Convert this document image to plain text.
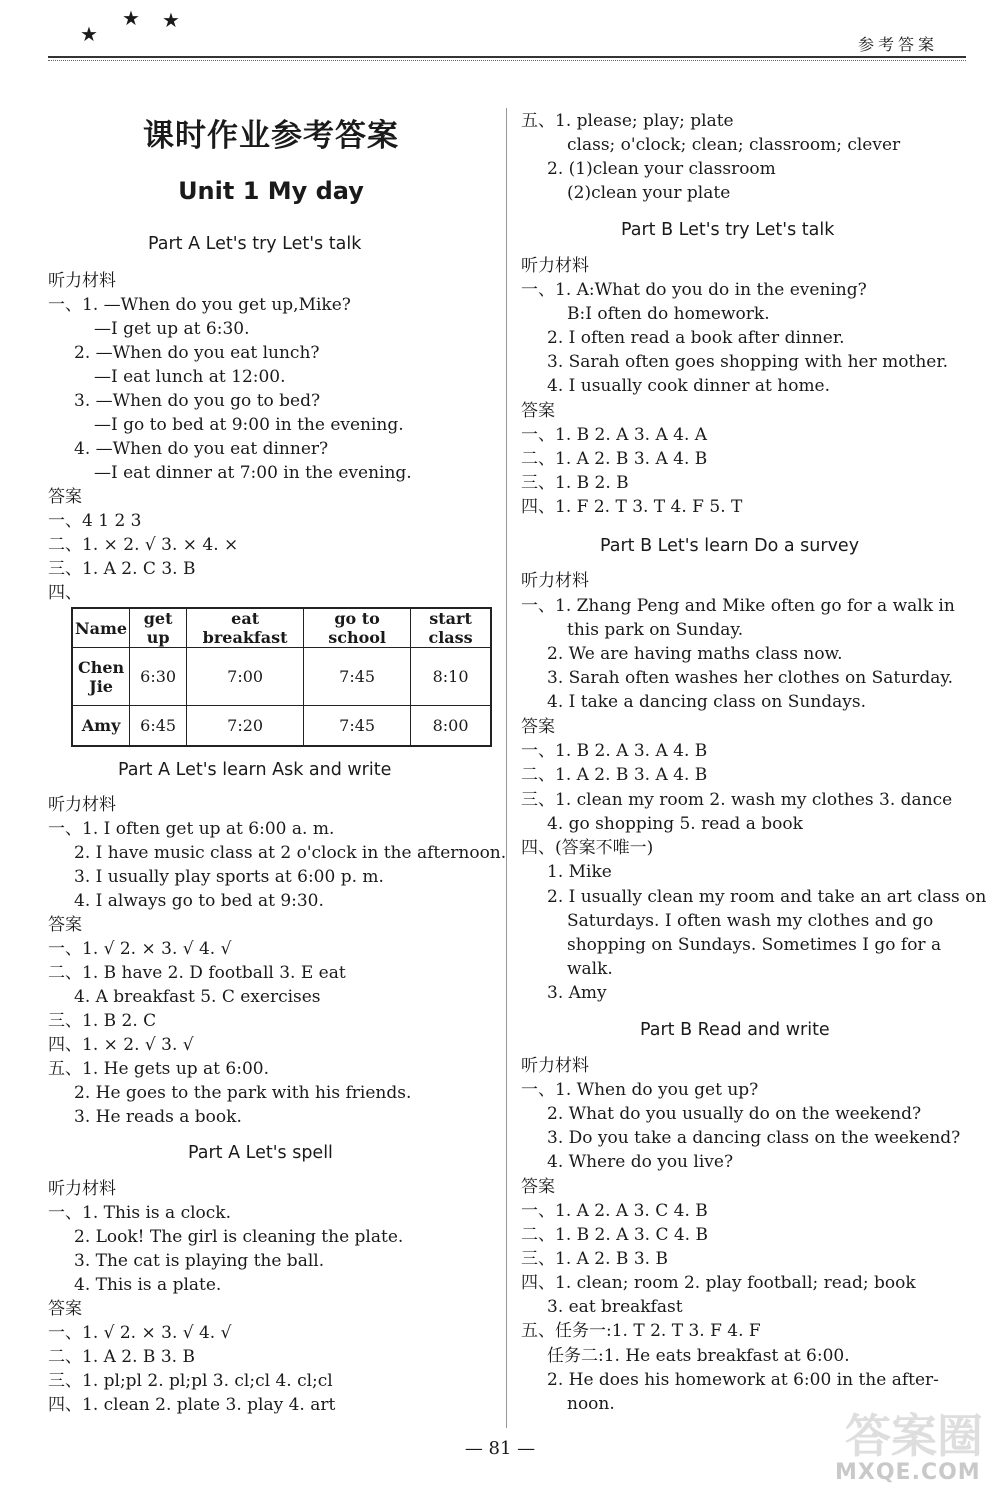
★
★ ★
参考答案
课时作业参考答案
Unit 1 My day
Part A Let's try Let's talk
听力材料
一、1. —When do you get up,Mike?
—I get up at 6:30.
2. —When do you eat lunch?
—I eat lunch at 12:00.
3. —When do you go to bed?
—I go to bed at 9:00 in the evening.
4. —When do you eat dinner?
—I eat dinner at 7:00 in the evening.
答案
一、4 1 2 3
二、1. × 2. √ 3. × 4. ×
三、1. A 2. C 3. B
四、
Name	get up	eat breakfast	go to school	start class
Chen Jie	6:30	7:00	7:45	8:10
Amy	6:45	7:20	7:45	8:00
Part A Let's learn Ask and write
听力材料
一、1. I often get up at 6:00 a. m.
2. I have music class at 2 o'clock in the afternoon.
3. I usually play sports at 6:00 p. m.
4. I always go to bed at 9:30.
答案
一、1. √ 2. × 3. √ 4. √
二、1. B have 2. D football 3. E eat
4. A breakfast 5. C exercises
三、1. B 2. C
四、1. × 2. √ 3. √
五、1. He gets up at 6:00.
2. He goes to the park with his friends.
3. He reads a book.
Part A Let's spell
听力材料
一、1. This is a clock.
2. Look! The girl is cleaning the plate.
3. The cat is playing the ball.
4. This is a plate.
答案
一、1. √ 2. × 3. √ 4. √
二、1. A 2. B 3. B
三、1. pl;pl 2. pl;pl 3. cl;cl 4. cl;cl
四、1. clean 2. plate 3. play 4. art
五、1. please; play; plate
class; o'clock; clean; classroom; clever
2. (1)clean your classroom
(2)clean your plate
Part B Let's try Let's talk
听力材料
一、1. A:What do you do in the evening?
B:I often do homework.
2. I often read a book after dinner.
3. Sarah often goes shopping with her mother.
4. I usually cook dinner at home.
答案
一、1. B 2. A 3. A 4. A
二、1. A 2. B 3. A 4. B
三、1. B 2. B
四、1. F 2. T 3. T 4. F 5. T
Part B Let's learn Do a survey
听力材料
一、1. Zhang Peng and Mike often go for a walk in
this park on Sunday.
2. We are having maths class now.
3. Sarah often washes her clothes on Saturday.
4. I take a dancing class on Sundays.
答案
一、1. B 2. A 3. A 4. B
二、1. A 2. B 3. A 4. B
三、1. clean my room 2. wash my clothes 3. dance
4. go shopping 5. read a book
四、(答案不唯一)
1. Mike
2. I usually clean my room and take an art class on
Saturdays. I often wash my clothes and go
shopping on Sundays. Sometimes I go for a
walk.
3. Amy
Part B Read and write
听力材料
一、1. When do you get up?
2. What do you usually do on the weekend?
3. Do you take a dancing class on the weekend?
4. Where do you live?
答案
一、1. A 2. A 3. C 4. B
二、1. B 2. A 3. C 4. B
三、1. A 2. B 3. B
四、1. clean; room 2. play football; read; book
3. eat breakfast
五、任务一:1. T 2. T 3. F 4. F
任务二:1. He eats breakfast at 6:00.
2. He does his homework at 6:00 in the after-
noon.
— 81 —	答案圈
MXQE.COM
